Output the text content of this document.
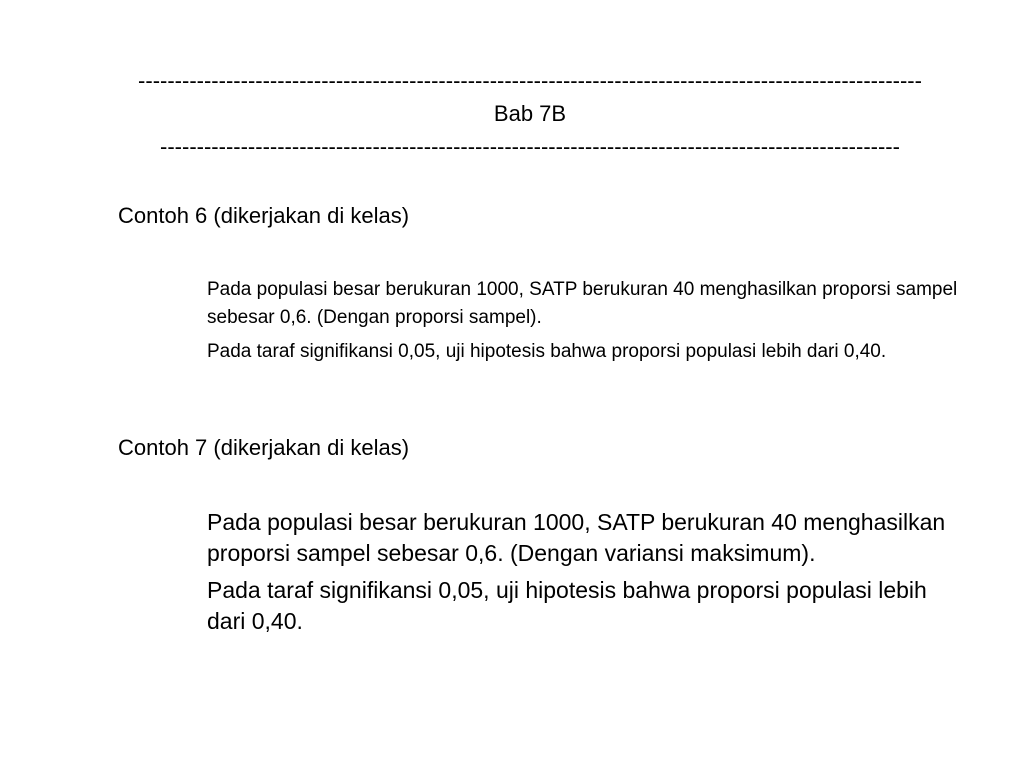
-----------------------------------------------------------------------------------------------------------
Bab 7B
-----------------------------------------------------------------------------------------------------
Contoh 6 (dikerjakan di kelas)

Pada populasi besar berukuran 1000, SATP berukuran 40 menghasilkan proporsi sampel sebesar 0,6. (Dengan proporsi sampel).

Pada taraf signifikansi 0,05, uji hipotesis bahwa proporsi populasi lebih dari 0,40.

Contoh 7 (dikerjakan di kelas)

Pada populasi besar berukuran 1000, SATP berukuran 40 menghasilkan proporsi sampel sebesar 0,6. (Dengan variansi maksimum).

Pada taraf signifikansi 0,05, uji hipotesis bahwa proporsi populasi lebih dari 0,40.
